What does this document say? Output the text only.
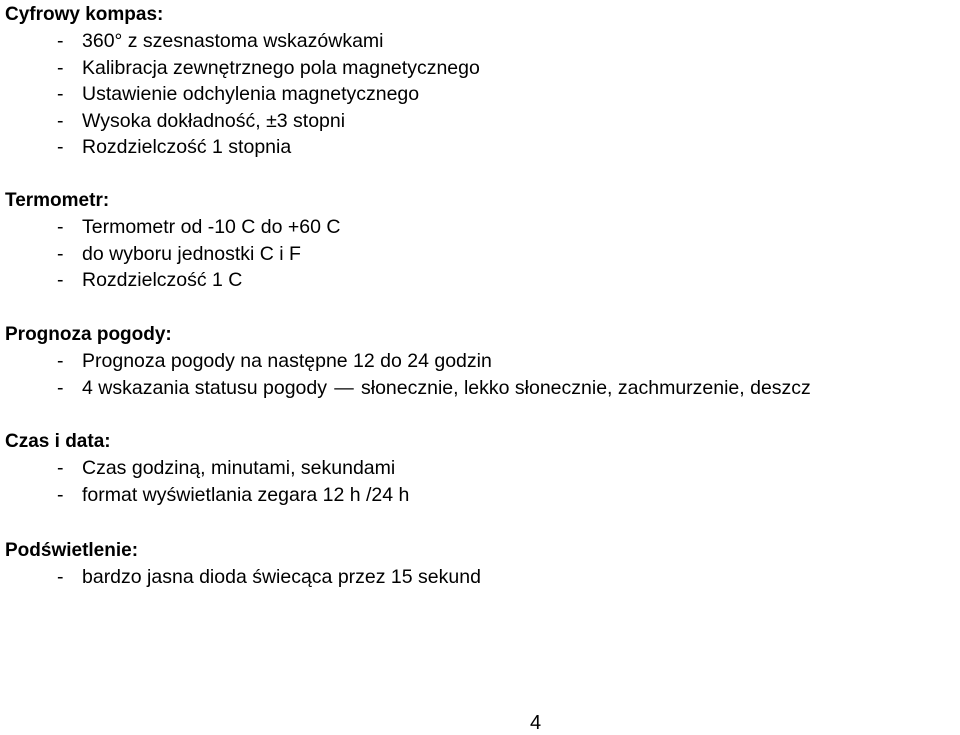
Cyfrowy kompas:
- 360° z szesnastoma wskazówkami
- Kalibracja zewnętrznego pola magnetycznego
- Ustawienie odchylenia magnetycznego
- Wysoka dokładność, ±3 stopni
- Rozdzielczość 1 stopnia
Termometr:
- Termometr od -10 C do +60 C
- do wyboru jednostki C i F
- Rozdzielczość 1 C
Prognoza pogody:
- Prognoza pogody na następne 12 do 24 godzin
- 4 wskazania statusu pogody — słonecznie, lekko słonecznie, zachmurzenie, deszcz
Czas i data:
- Czas godziną, minutami, sekundami
- format wyświetlania zegara 12 h /24 h
Podświetlenie:
- bardzo jasna dioda świecąca przez 15 sekund
4
